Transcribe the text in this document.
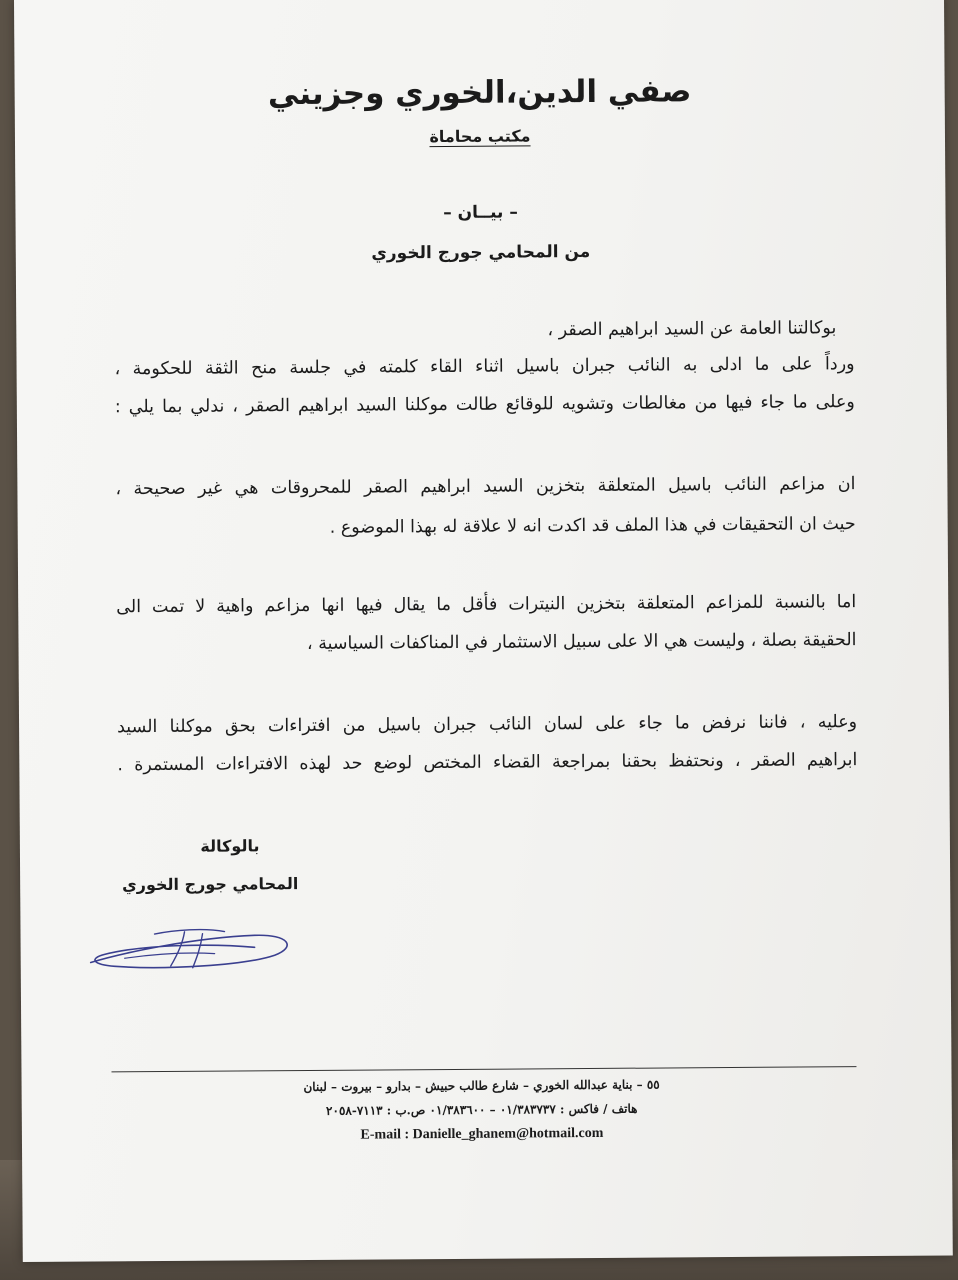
صفي الدين،الخوري وجزيني
مكتب محاماة
– بيــان –
من المحامي جورج الخوري
بوكالتنا العامة عن السيد ابراهيم الصقر ،
ورداً على ما ادلى به النائب جبران باسيل اثناء القاء كلمته في جلسة منح الثقة للحكومة ،
وعلى ما جاء فيها من مغالطات وتشويه للوقائع طالت موكلنا السيد ابراهيم الصقر ، ندلي بما يلي :
ان مزاعم النائب باسيل المتعلقة بتخزين السيد ابراهيم الصقر للمحروقات هي غير صحيحة ،
حيث ان التحقيقات في هذا الملف قد اكدت انه لا علاقة له بهذا الموضوع .
اما بالنسبة للمزاعم المتعلقة بتخزين النيترات فأقل ما يقال فيها انها مزاعم واهية لا تمت الى
الحقيقة بصلة ، وليست هي الا على سبيل الاستثمار في المناكفات السياسية ،
وعليه ، فاننا نرفض ما جاء على لسان النائب جبران باسيل من افتراءات بحق موكلنا السيد
ابراهيم الصقر ، ونحتفظ بحقنا بمراجعة القضاء المختص لوضع حد لهذه الافتراءات المستمرة .
بالوكالة
المحامي جورج الخوري
٥٥ – بناية عبدالله الخوري – شارع طالب حبيش – بدارو – بيروت – لبنان
هاتف / فاكس : ٠١/٣٨٣٧٣٧ – ٠١/٣٨٣٦٠٠ ص.ب : ٧١١٣-٢٠٥٨
E-mail : Danielle_ghanem@hotmail.com
